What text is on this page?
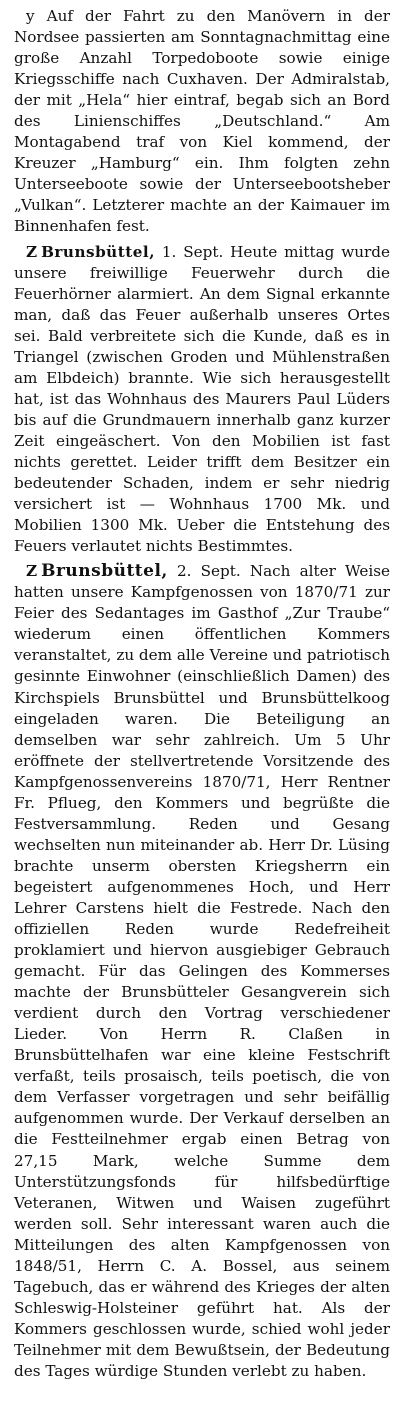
y Auf der Fahrt zu den Manövern in der Nordsee passierten am Sonntagnachmittag eine große Anzahl Torpedoboote sowie einige Kriegsschiffe nach Cuxhaven. Der Admiralstab, der mit „Hela“ hier eintraf, begab sich an Bord des Linienschiffes „Deutschland.“ Am Montagabend traf von Kiel kommend, der Kreuzer „Hamburg“ ein. Ihm folgten zehn Unterseeboote sowie der Unterseebootsheber „Vulkan“. Letzterer machte an der Kaimauer im Binnenhafen fest.

Z Brunsbüttel, 1. Sept. Heute mittag wurde unsere freiwillige Feuerwehr durch die Feuerhörner alarmiert. An dem Signal erkannte man, daß das Feuer außerhalb unseres Ortes sei. Bald verbreitete sich die Kunde, daß es in Triangel (zwischen Groden und Mühlenstraßen am Elbdeich) brannte. Wie sich herausgestellt hat, ist das Wohnhaus des Maurers Paul Lüders bis auf die Grundmauern innerhalb ganz kurzer Zeit eingeäschert. Von den Mobilien ist fast nichts gerettet. Leider trifft dem Besitzer ein bedeutender Schaden, indem er sehr niedrig versichert ist — Wohnhaus 1700 Mk. und Mobilien 1300 Mk. Ueber die Entstehung des Feuers verlautet nichts Bestimmtes.

Z Brunsbüttel, 2. Sept. Nach alter Weise hatten unsere Kampfgenossen von 1870/71 zur Feier des Sedantages im Gasthof „Zur Traube“ wiederum einen öffentlichen Kommers veranstaltet, zu dem alle Vereine und patriotisch gesinnte Einwohner (einschließlich Damen) des Kirchspiels Brunsbüttel und Brunsbüttelkoog eingeladen waren. Die Beteiligung an demselben war sehr zahlreich. Um 5 Uhr eröffnete der stellvertretende Vorsitzende des Kampfgenossenvereins 1870/71, Herr Rentner Fr. Pflueg, den Kommers und begrüßte die Festversammlung. Reden und Gesang wechselten nun miteinander ab. Herr Dr. Lüsing brachte unserm obersten Kriegsherrn ein begeistert aufgenommenes Hoch, und Herr Lehrer Carstens hielt die Festrede. Nach den offiziellen Reden wurde Redefreiheit proklamiert und hiervon ausgiebiger Gebrauch gemacht. Für das Gelingen des Kommerses machte der Brunsbütteler Gesangverein sich verdient durch den Vortrag verschiedener Lieder. Von Herrn R. Claßen in Brunsbüttelhafen war eine kleine Festschrift verfaßt, teils prosaisch, teils poetisch, die von dem Verfasser vorgetragen und sehr beifällig aufgenommen wurde. Der Verkauf derselben an die Festteilnehmer ergab einen Betrag von 27,15 Mark, welche Summe dem Unterstützungsfonds für hilfsbedürftige Veteranen, Witwen und Waisen zugeführt werden soll. Sehr interessant waren auch die Mitteilungen des alten Kampfgenossen von 1848/51, Herrn C. A. Bossel, aus seinem Tagebuch, das er während des Krieges der alten Schleswig-Holsteiner geführt hat. Als der Kommers geschlossen wurde, schied wohl jeder Teilnehmer mit dem Bewußtsein, der Bedeutung des Tages würdige Stunden verlebt zu haben.
